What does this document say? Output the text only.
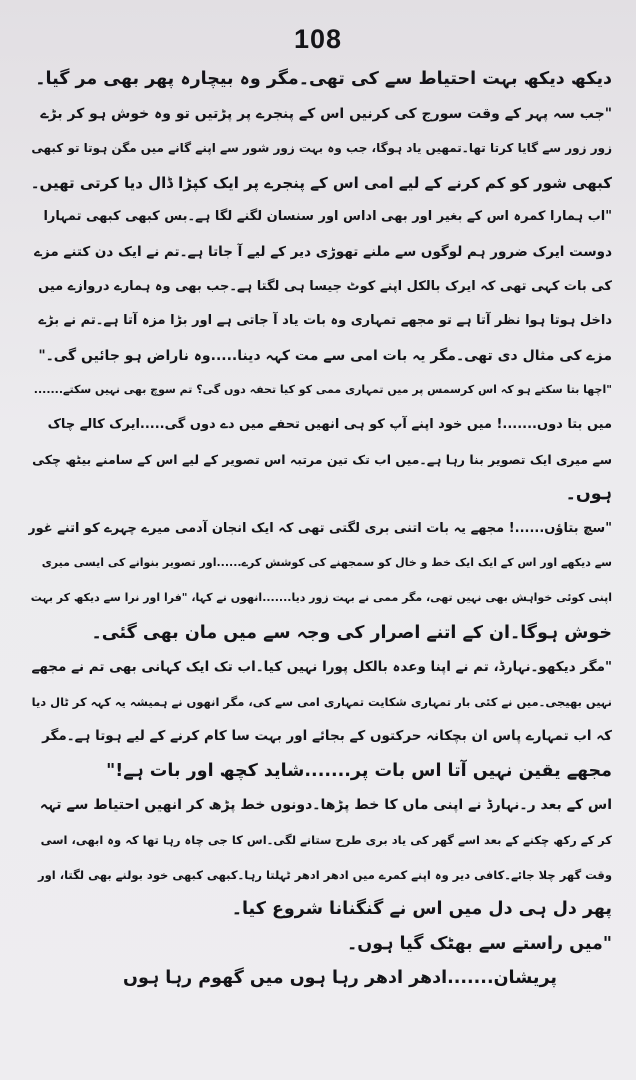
108
دیکھ دیکھ بہت احتیاط سے کی تھی۔مگر وہ بیچارہ پھر بھی مر گیا۔
"جب سہ پہر کے وقت سورج کی کرنیں اس کے پنجرے پر پڑتیں تو وہ خوش ہو کر بڑے
زور زور سے گایا کرتا تھا۔تمھیں یاد ہوگا، جب وہ بہت زور شور سے اپنے گانے میں مگن ہوتا تو کبھی
کبھی شور کو کم کرنے کے لیے امی اس کے پنجرے پر ایک کپڑا ڈال دیا کرتی تھیں۔
"اب ہمارا کمرہ اس کے بغیر اور بھی اداس اور سنسان لگنے لگا ہے۔بس کبھی کبھی تمہارا
دوست ایرک ضرور ہم لوگوں سے ملنے تھوڑی دیر کے لیے آ جاتا ہے۔تم نے ایک دن کتنے مزے
کی بات کہی تھی کہ ایرک بالکل اپنے کوٹ جیسا ہی لگتا ہے۔جب بھی وہ ہمارے دروازے میں
داخل ہوتا ہوا نظر آتا ہے تو مجھے تمہاری وہ بات یاد آ جاتی ہے اور بڑا مزہ آتا ہے۔تم نے بڑے
مزے کی مثال دی تھی۔مگر یہ بات امی سے مت کہہ دینا.....وہ ناراض ہو جائیں گی۔"
"اچھا بتا سکتے ہو کہ اس کرسمس پر میں تمہاری ممی کو کیا تحفہ دوں گی؟ تم سوچ بھی نہیں سکتے.......
میں بتا دوں.......! میں خود اپنے آپ کو ہی انھیں تحفے میں دے دوں گی.....ایرک کالے چاک
سے میری ایک تصویر بنا رہا ہے۔میں اب تک تین مرتبہ اس تصویر کے لیے اس کے سامنے بیٹھ چکی
ہوں۔
"سچ بتاؤں......! مجھے یہ بات اتنی بری لگتی تھی کہ ایک انجان آدمی میرے چہرے کو اتنے غور
سے دیکھے اور اس کے ایک ایک خط و خال کو سمجھنے کی کوشش کرے......اور تصویر بنوانے کی ایسی میری
اپنی کوئی خواہش بھی نہیں تھی، مگر ممی نے بہت زور دیا.......انھوں نے کہا، "فرا اور نرا سے دیکھ کر بہت
خوش ہوگا۔ان کے اتنے اصرار کی وجہ سے میں مان بھی گئی۔
"مگر دیکھو۔نہارڈ، تم نے اپنا وعدہ بالکل پورا نہیں کیا۔اب تک ایک کہانی بھی تم نے مجھے
نہیں بھیجی۔میں نے کئی بار تمہاری شکایت تمہاری امی سے کی، مگر انھوں نے ہمیشہ یہ کہہ کر ٹال دیا
کہ اب تمہارے پاس ان بچکانہ حرکتوں کے بجائے اور بہت سا کام کرنے کے لیے ہوتا ہے۔مگر
مجھے یقین نہیں آتا اس بات پر.......شاید کچھ اور بات ہے!"
اس کے بعد ر۔نہارڈ نے اپنی ماں کا خط پڑھا۔دونوں خط پڑھ کر انھیں احتیاط سے تہہ
کر کے رکھ چکنے کے بعد اسے گھر کی یاد بری طرح ستانے لگی۔اس کا جی چاہ رہا تھا کہ وہ ابھی، اسی
وقت گھر چلا جائے۔کافی دیر وہ اپنے کمرے میں ادھر ادھر ٹہلتا رہا۔کبھی کبھی خود بولنے بھی لگتا، اور
پھر دل ہی دل میں اس نے گنگنانا شروع کیا۔
"میں راستے سے بھٹک گیا ہوں۔
پریشان.......ادھر ادھر رہا ہوں میں گھوم رہا ہوں
